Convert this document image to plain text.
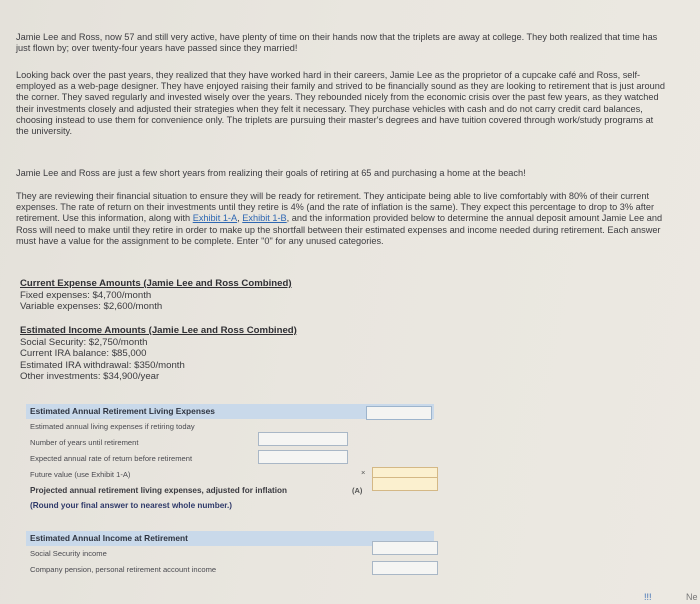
Jamie Lee and Ross, now 57 and still very active, have plenty of time on their hands now that the triplets are away at college. They both realized that time has just flown by; over twenty-four years have passed since they married!

Looking back over the past years, they realized that they have worked hard in their careers, Jamie Lee as the proprietor of a cupcake café and Ross, self-employed as a web-page designer. They have enjoyed raising their family and strived to be financially sound as they are looking to retirement that is just around the corner. They saved regularly and invested wisely over the years. They rebounded nicely from the economic crisis over the past few years, as they watched their investments closely and adjusted their strategies when they felt it necessary. They purchase vehicles with cash and do not carry credit card balances, choosing instead to use them for convenience only. The triplets are pursuing their master's degrees and have tuition covered through work/study programs at the university.

Jamie Lee and Ross are just a few short years from realizing their goals of retiring at 65 and purchasing a home at the beach!

They are reviewing their financial situation to ensure they will be ready for retirement. They anticipate being able to live comfortably with 80% of their current expenses. The rate of return on their investments until they retire is 4% (and the rate of inflation is the same). They expect this percentage to drop to 3% after retirement. Use this information, along with Exhibit 1-A, Exhibit 1-B, and the information provided below to determine the annual deposit amount Jamie Lee and Ross will need to make until they retire in order to make up the shortfall between their estimated expenses and income needed during retirement. Each answer must have a value for the assignment to be complete. Enter "0" for any unused categories.

Current Expense Amounts (Jamie Lee and Ross Combined)
Fixed expenses: $4,700/month
Variable expenses: $2,600/month
Estimated Income Amounts (Jamie Lee and Ross Combined)
Social Security: $2,750/month
Current IRA balance: $85,000
Estimated IRA withdrawal: $350/month
Other investments: $34,900/year
Estimated Annual Retirement Living Expenses
Estimated annual living expenses if retiring today
Number of years until retirement
Expected annual rate of return before retirement
Future value (use Exhibit 1-A)	×
Projected annual retirement living expenses, adjusted for inflation	(A)
(Round your final answer to nearest whole number.)
Estimated Annual Income at Retirement
Social Security income
Company pension, personal retirement account income
!!!	Ne
